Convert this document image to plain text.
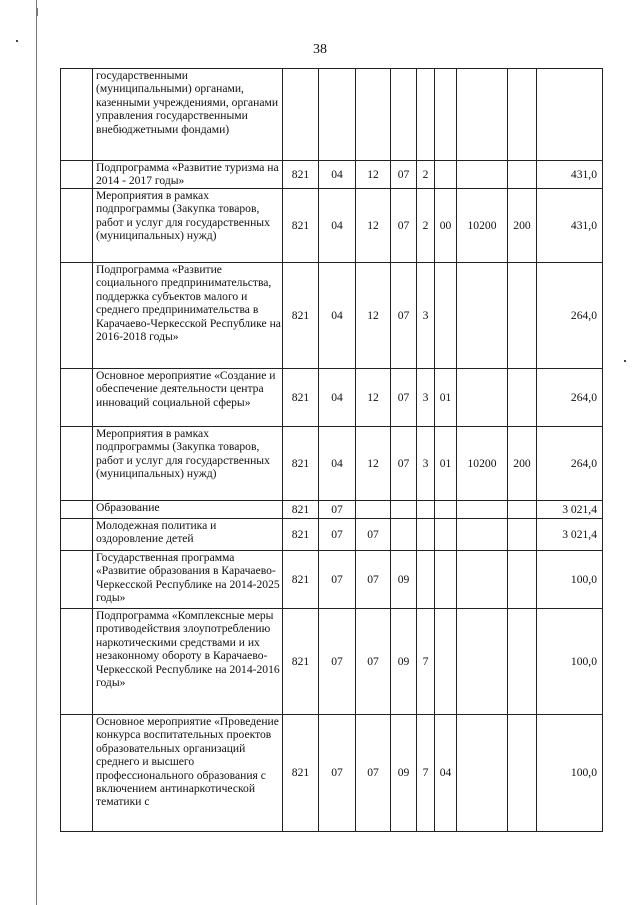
38
	государственными (муниципальными) органами, казенными учреждениями, органами управления государственными внебюджетными фондами)									
	Подпрограмма «Развитие туризма на 2014 - 2017 годы»	821	04	12	07	2				431,0
	Мероприятия в рамках подпрограммы (Закупка товаров, работ и услуг для государственных (муниципальных) нужд)	821	04	12	07	2	00	10200	200	431,0
	Подпрограмма «Развитие социального предпринимательства, поддержка субъектов малого и среднего предпринимательства в Карачаево-Черкесской Республике на 2016-2018 годы»	821	04	12	07	3				264,0
	Основное мероприятие «Создание и обеспечение деятельности центра инноваций социальной сферы»	821	04	12	07	3	01			264,0
	Мероприятия в рамках подпрограммы (Закупка товаров, работ и услуг для государственных (муниципальных) нужд)	821	04	12	07	3	01	10200	200	264,0
	Образование	821	07							3 021,4
	Молодежная политика и оздоровление детей	821	07	07						3 021,4
	Государственная программа «Развитие образования в Карачаево-Черкесской Республике на 2014-2025 годы»	821	07	07	09					100,0
	Подпрограмма «Комплексные меры противодействия злоупотреблению наркотическими средствами и их незаконному обороту в Карачаево-Черкесской Республике на 2014-2016 годы»	821	07	07	09	7				100,0
	Основное мероприятие «Проведение конкурса воспитательных проектов образовательных организаций среднего и высшего профессионального образования с включением антинаркотической тематики с	821	07	07	09	7	04			100,0
